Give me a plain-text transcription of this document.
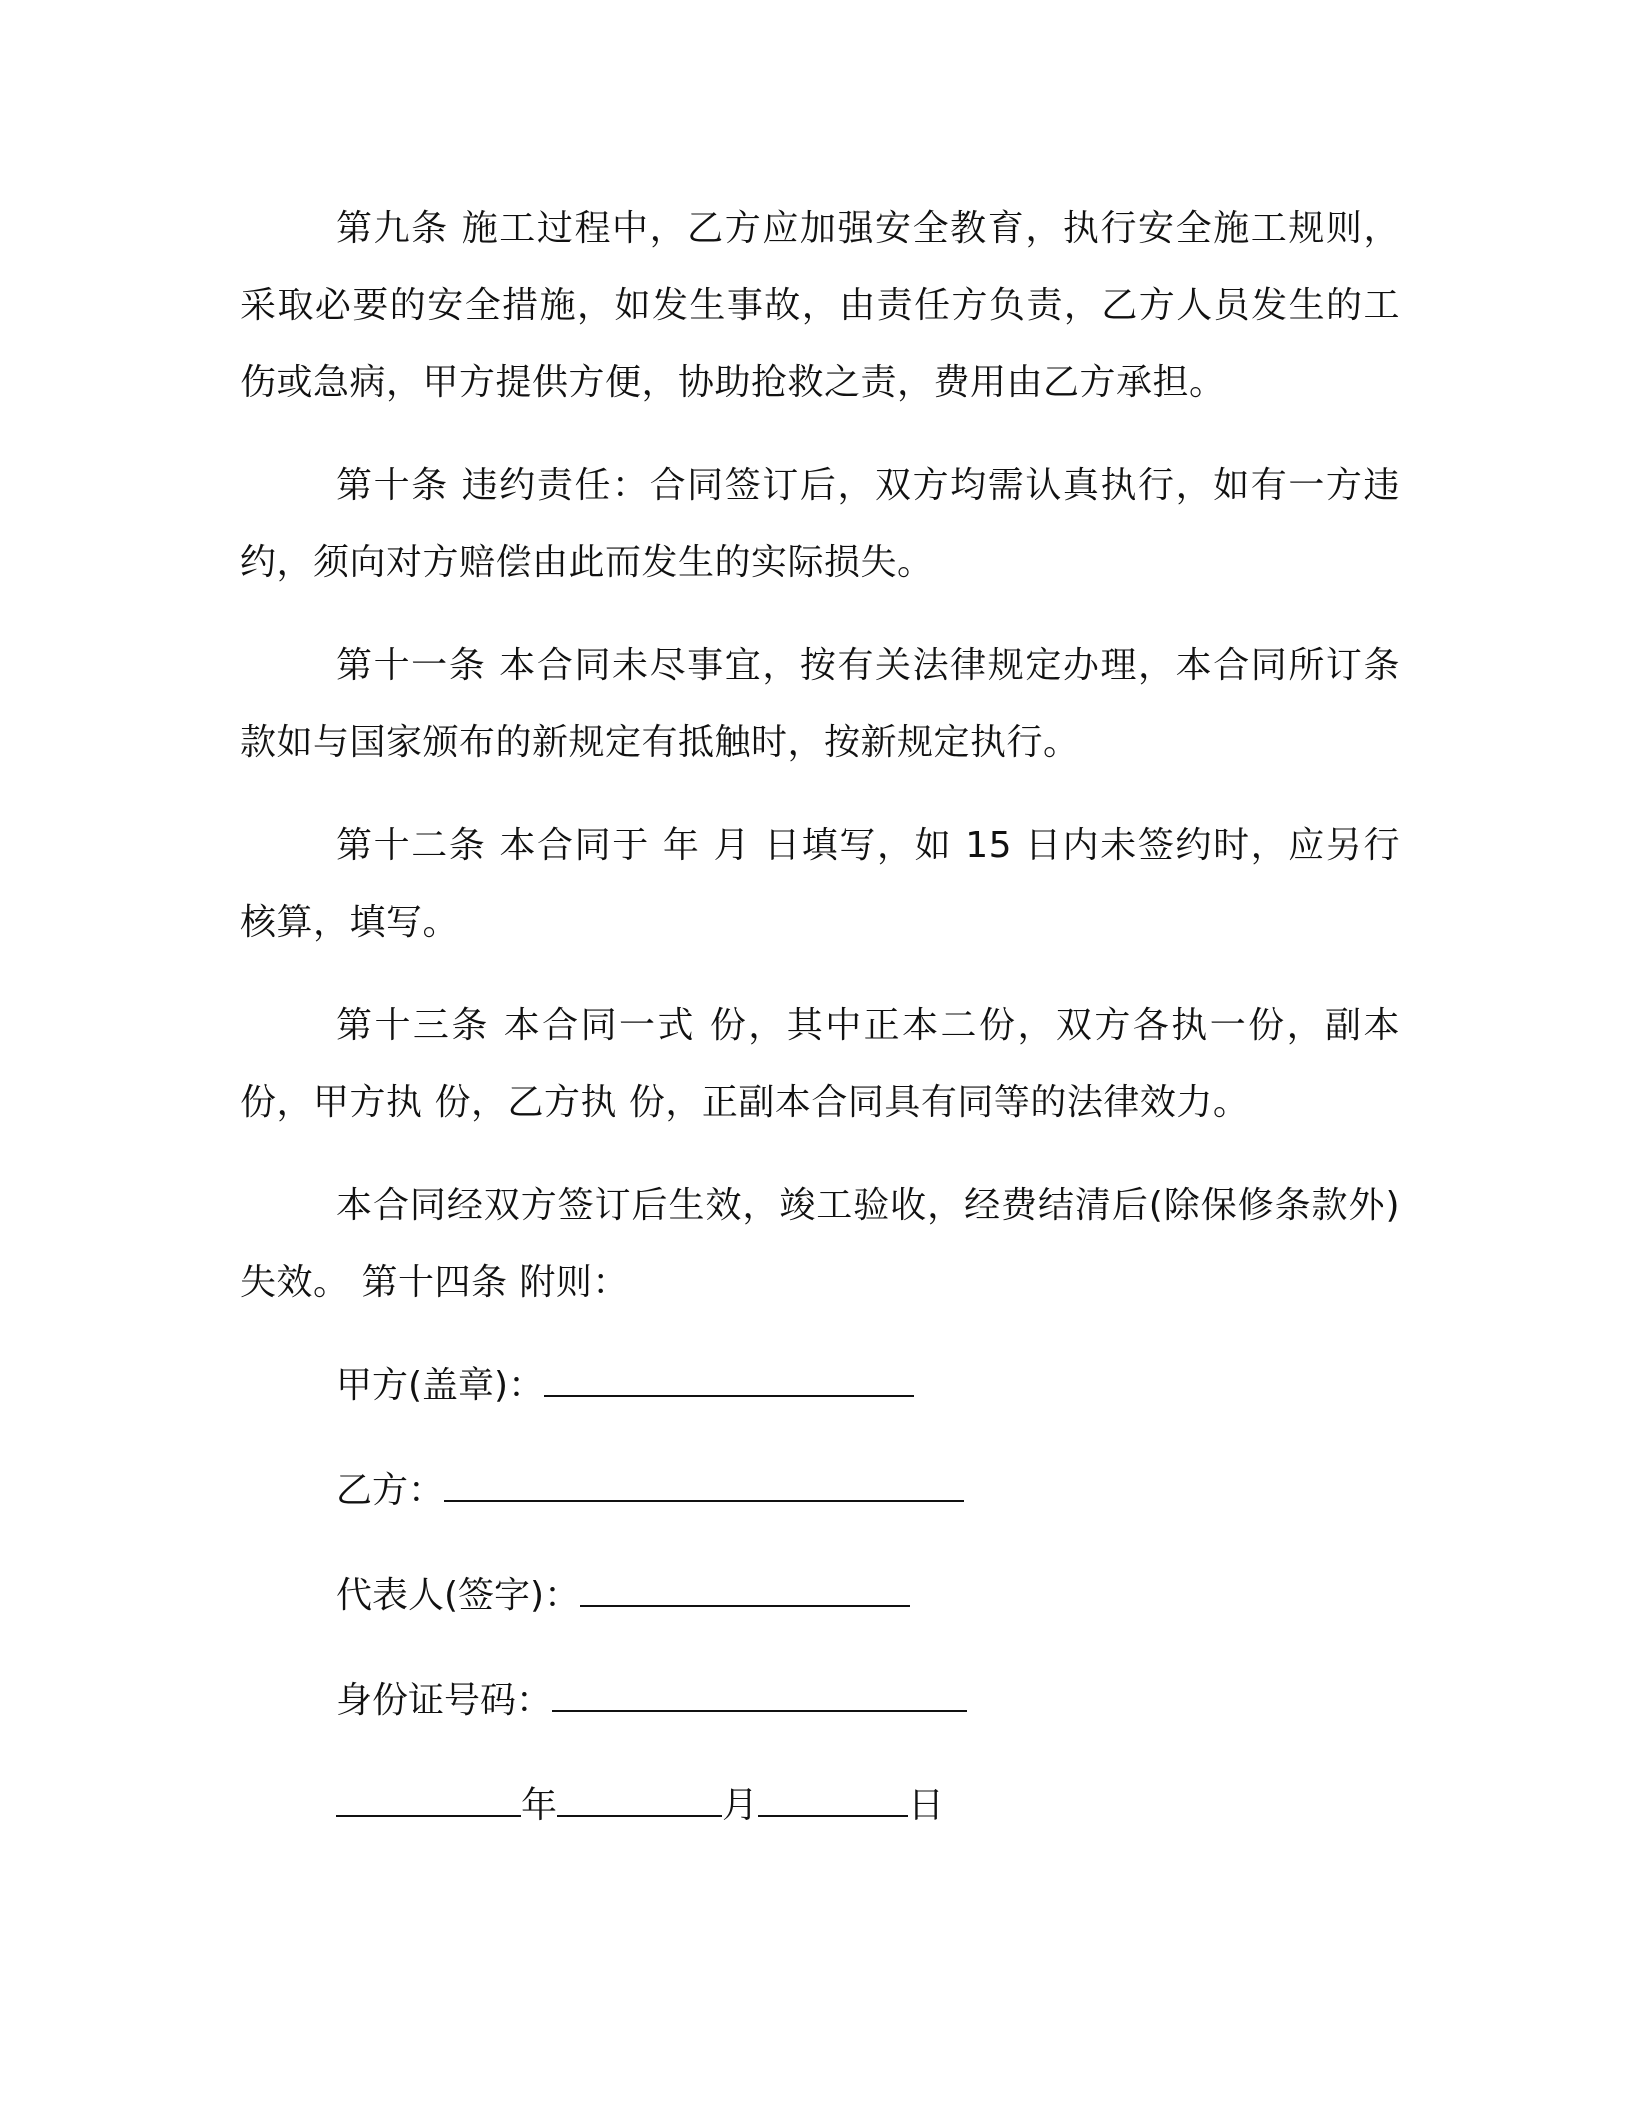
第九条 施工过程中，乙方应加强安全教育，执行安全施工规则，采取必要的安全措施，如发生事故，由责任方负责，乙方人员发生的工伤或急病，甲方提供方便，协助抢救之责，费用由乙方承担。

第十条 违约责任：合同签订后，双方均需认真执行，如有一方违约，须向对方赔偿由此而发生的实际损失。

第十一条 本合同未尽事宜，按有关法律规定办理，本合同所订条款如与国家颁布的新规定有抵触时，按新规定执行。

第十二条 本合同于 年 月 日填写，如 15 日内未签约时，应另行核算，填写。

第十三条 本合同一式 份，其中正本二份，双方各执一份，副本 份，甲方执 份，乙方执 份，正副本合同具有同等的法律效力。

本合同经双方签订后生效，竣工验收，经费结清后(除保修条款外)失效。 第十四条 附则：

甲方(盖章)：
乙方：
代表人(签字)：
身份证号码：
年	月	日
